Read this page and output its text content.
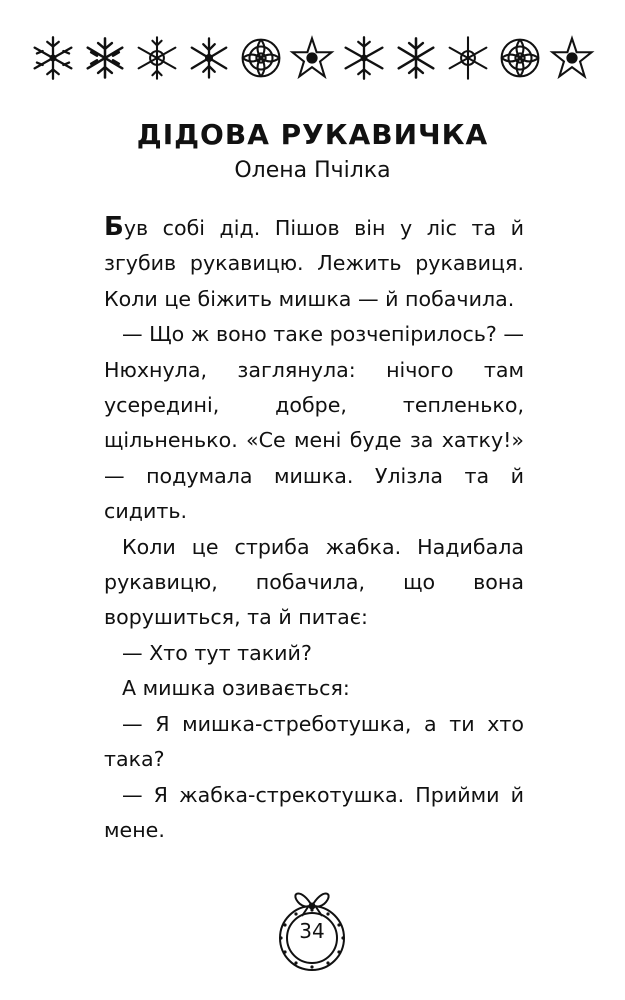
ДІДОВА РУКАВИЧКА

Олена Пчілка

Був собі дід. Пішов він у ліс та й згубив рукавицю. Лежить рукавиця. Коли це біжить мишка — й побачила.

— Що ж воно таке розчепірилось? — Нюхнула, заглянула: нічого там усередині, добре, тепленько, щільненько. «Се мені буде за хатку!» — подумала мишка. Улізла та й сидить.

Коли це стриба жабка. Надибала рукавицю, побачила, що вона ворушиться, та й питає:

— Хто тут такий?

А мишка озивається:

— Я мишка-стреботушка, а ти хто така?

— Я жабка-стрекотушка. Прийми й мене.

34
